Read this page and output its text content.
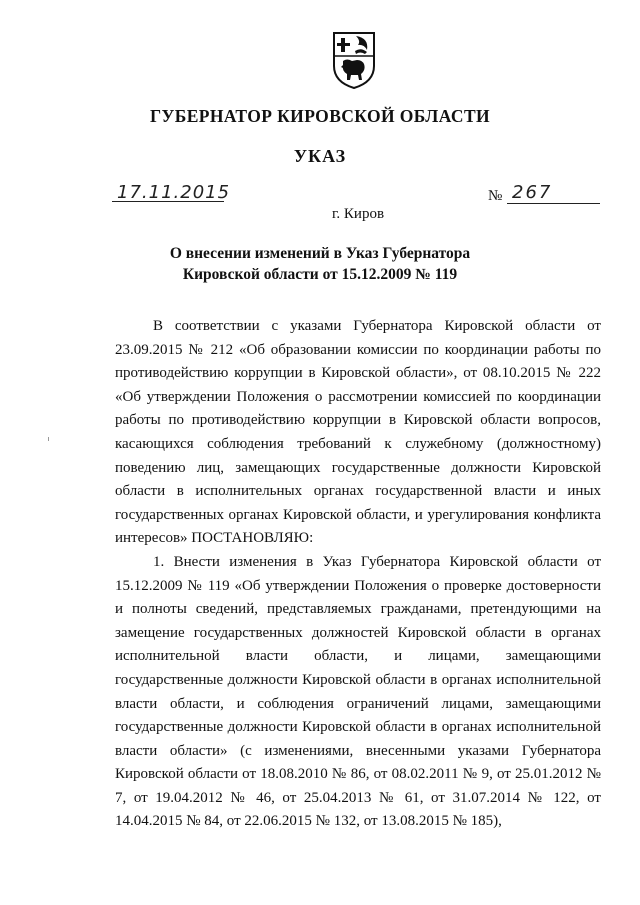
ГУБЕРНАТОР КИРОВСКОЙ ОБЛАСТИ
УКАЗ
17.11.2015	№ 267
г. Киров
О внесении изменений в Указ Губернатора
Кировской области от 15.12.2009 № 119

В соответствии с указами Губернатора Кировской области от 23.09.2015 № 212 «Об образовании комиссии по координации работы по противодействию коррупции в Кировской области», от 08.10.2015 № 222 «Об утверждении Положения о рассмотрении комиссией по координации работы по противодействию коррупции в Кировской области вопросов, касающихся соблюдения требований к служебному (должностному) поведению лиц, замещающих государственные должности Кировской области в исполнительных органах государственной власти и иных государственных органах Кировской области, и урегулирования конфликта интересов» ПОСТАНОВЛЯЮ:

1. Внести изменения в Указ Губернатора Кировской области от 15.12.2009 № 119 «Об утверждении Положения о проверке достоверности и полноты сведений, представляемых гражданами, претендующими на замещение государственных должностей Кировской области в органах исполнительной власти области, и лицами, замещающими государственные должности Кировской области в органах исполнительной власти области, и соблюдения ограничений лицами, замещающими государственные должности Кировской области в органах исполнительной власти области» (с изменениями, внесенными указами Губернатора Кировской области от 18.08.2010 № 86, от 08.02.2011 № 9, от 25.01.2012 № 7, от 19.04.2012 № 46, от 25.04.2013 № 61, от 31.07.2014 № 122, от 14.04.2015 № 84, от 22.06.2015 № 132, от 13.08.2015 № 185),
